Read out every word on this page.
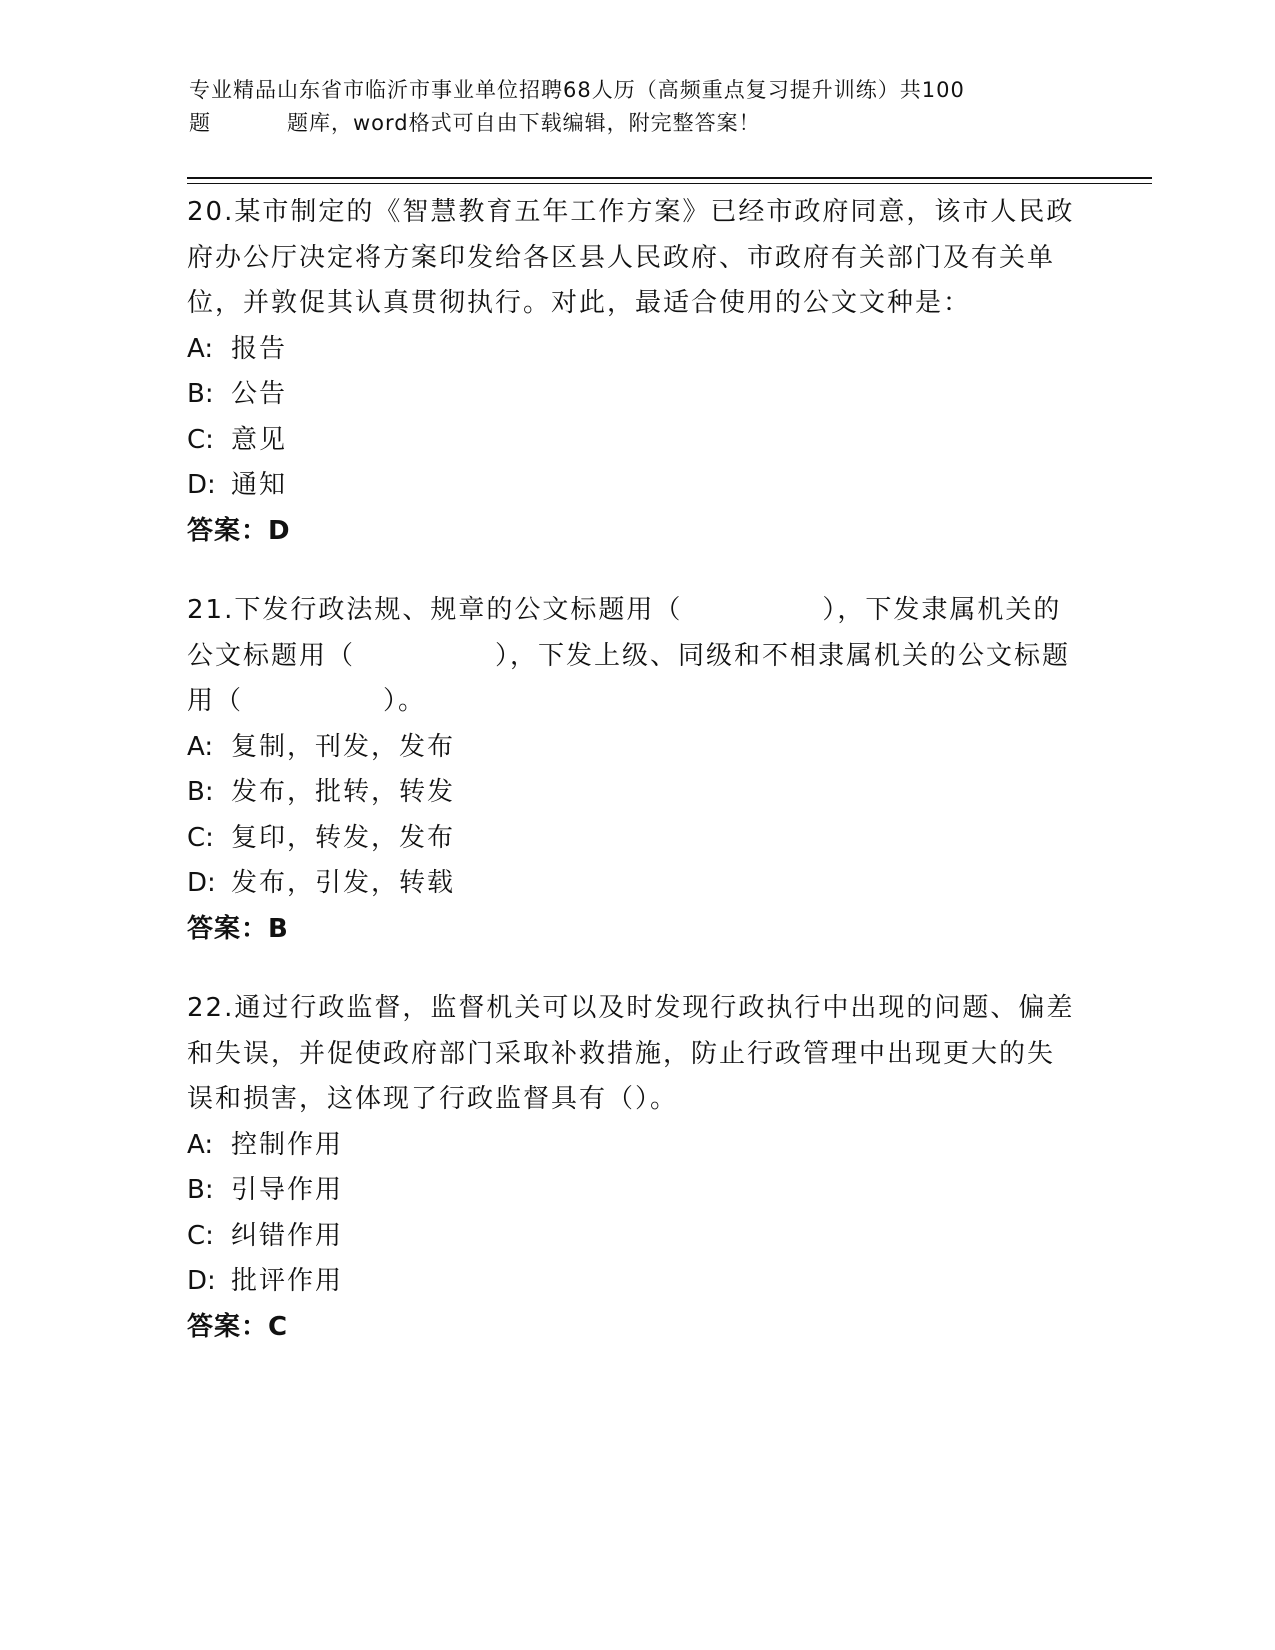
专业精品山东省市临沂市事业单位招聘68人历（高频重点复习提升训练）共100
题	题库，word格式可自由下载编辑，附完整答案！
20.某市制定的《智慧教育五年工作方案》已经市政府同意，该市人民政府办公厅决定将方案印发给各区县人民政府、市政府有关部门及有关单位，并敦促其认真贯彻执行。对此，最适合使用的公文文种是：
A: 报告
B: 公告
C: 意见
D: 通知
答案：D
21.下发行政法规、规章的公文标题用（　　　　　），下发隶属机关的公文标题用（　　　　　），下发上级、同级和不相隶属机关的公文标题用（　　　　　）。
A: 复制，刊发，发布
B: 发布，批转，转发
C: 复印，转发，发布
D: 发布，引发，转载
答案：B
22.通过行政监督，监督机关可以及时发现行政执行中出现的问题、偏差和失误，并促使政府部门采取补救措施，防止行政管理中出现更大的失误和损害，这体现了行政监督具有（）。
A: 控制作用
B: 引导作用
C: 纠错作用
D: 批评作用
答案：C
